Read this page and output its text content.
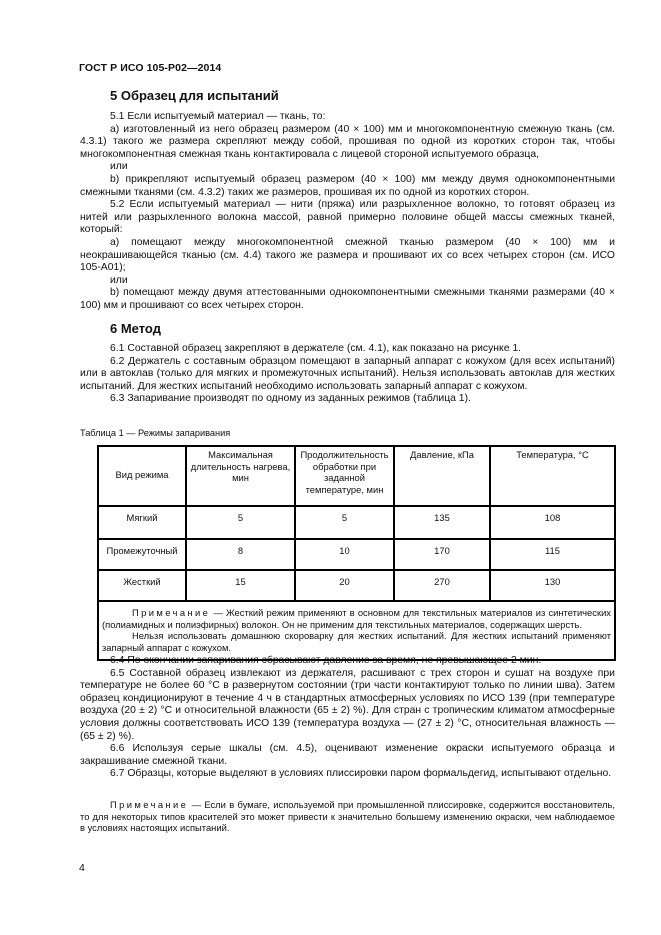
ГОСТ Р ИСО 105-Р02—2014
5 Образец для испытаний

5.1 Если испытуемый материал — ткань, то:

a) изготовленный из него образец размером (40 × 100) мм и многокомпонентную смежную ткань (см. 4.3.1) такого же размера скрепляют между собой, прошивая по одной из коротких сторон так, чтобы многокомпонентная смежная ткань контактировала с лицевой стороной испытуемого образца,

или

b) прикрепляют испытуемый образец размером (40 × 100) мм между двумя однокомпонентными смежными тканями (см. 4.3.2) таких же размеров, прошивая их по одной из коротких сторон.

5.2 Если испытуемый материал — нити (пряжа) или разрыхленное волокно, то готовят образец из нитей или разрыхленного волокна массой, равной примерно половине общей массы смежных тканей, который:

a) помещают между многокомпонентной смежной тканью размером (40 × 100) мм и неокрашивающейся тканью (см. 4.4) такого же размера и прошивают их со всех четырех сторон (см. ИСО 105-А01);

или

b) помещают между двумя аттестованными однокомпонентными смежными тканями размерами (40 × 100) мм и прошивают со всех четырех сторон.

6 Метод

6.1 Составной образец закрепляют в держателе (см. 4.1), как показано на рисунке 1.

6.2 Держатель с составным образцом помещают в запарный аппарат с кожухом (для всех испытаний) или в автоклав (только для мягких и промежуточных испытаний). Нельзя использовать автоклав для жестких испытаний. Для жестких испытаний необходимо использовать запарный аппарат с кожухом.

6.3 Запаривание производят по одному из заданных режимов (таблица 1).

Таблица 1 — Режимы запаривания
Вид режима	Максимальная длительность нагрева, мин	Продолжительность обработки при заданной температуре, мин	Давление, кПа	Температура, °С
Мягкий	5	5	135	108
Промежуточный	8	10	170	115
Жесткий	15	20	270	130

Примечание — Жесткий режим применяют в основном для текстильных материалов из синтетических (полиамидных и полиэфирных) волокон. Он не применим для текстильных материалов, содержащих шерсть.
Нельзя использовать домашнюю скороварку для жестких испытаний. Для жестких испытаний применяют запарный аппарат с кожухом.				

6.4 По окончании запаривания сбрасывают давление за время, не превышающее 2 мин.

6.5 Составной образец извлекают из держателя, расшивают с трех сторон и сушат на воздухе при температуре не более 60 °С в развернутом состоянии (три части контактируют только по линии шва). Затем образец кондиционируют в течение 4 ч в стандартных атмосферных условиях по ИСО 139 (при температуре воздуха (20 ± 2) °С и относительной влажности (65 ± 2) %). Для стран с тропическим климатом атмосферные условия должны соответствовать ИСО 139 (температура воздуха — (27 ± 2) °С, относительная влажность — (65 ± 2) %).

6.6 Используя серые шкалы (см. 4.5), оценивают изменение окраски испытуемого образца и закрашивание смежной ткани.

6.7 Образцы, которые выделяют в условиях плиссировки паром формальдегид, испытывают отдельно.

Примечание — Если в бумаге, используемой при промышленной плиссировке, содержится восстановитель, то для некоторых типов красителей это может привести к значительно большему изменению окраски, чем наблюдаемое в условиях настоящих испытаний.
4
